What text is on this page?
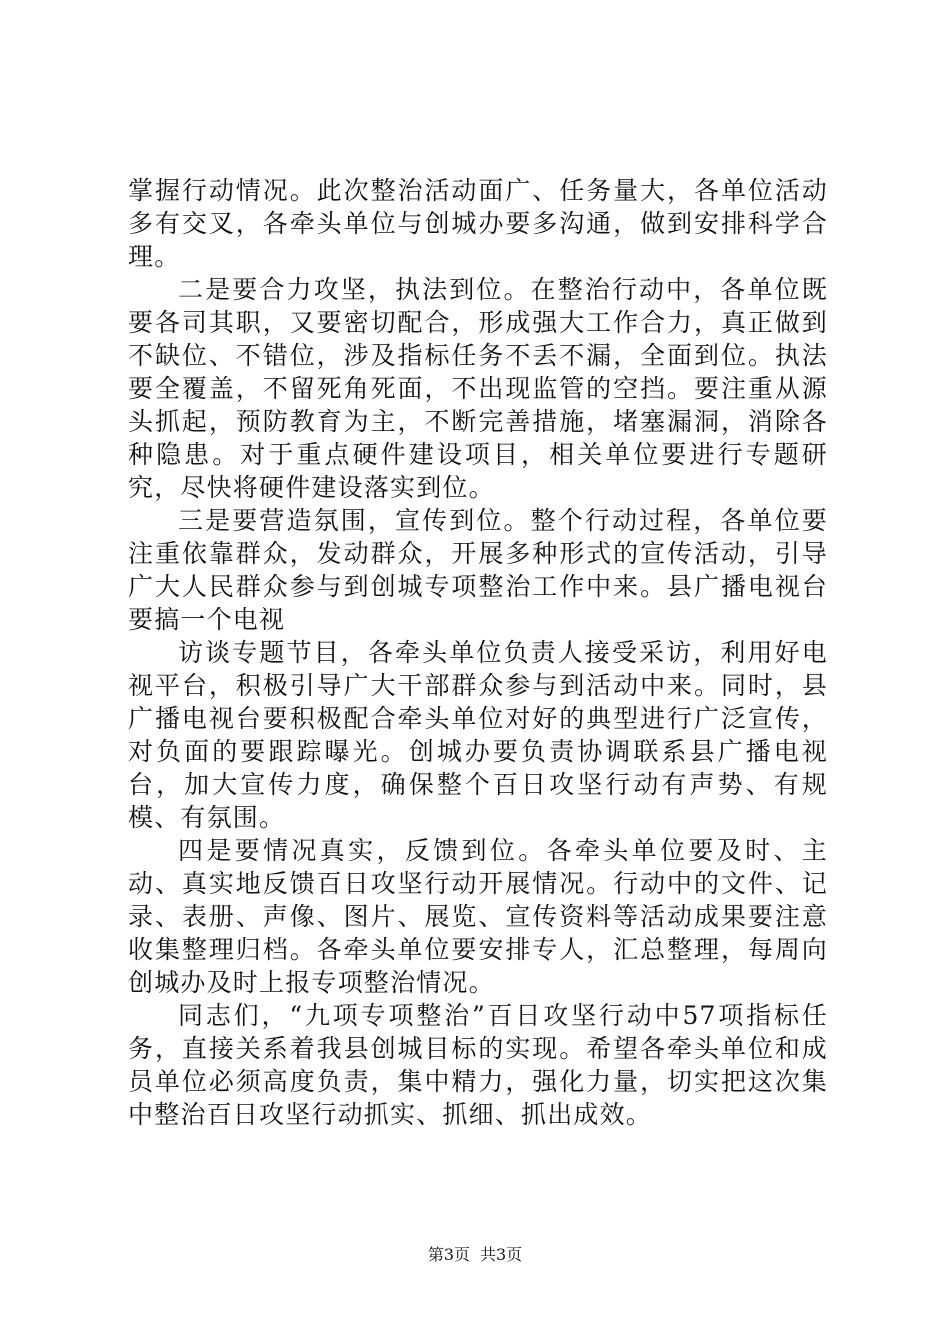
掌握行动情况。此次整治活动面广、任务量大，各单位活动多有交叉，各牵头单位与创城办要多沟通，做到安排科学合理。

二是要合力攻坚，执法到位。在整治行动中，各单位既要各司其职，又要密切配合，形成强大工作合力，真正做到不缺位、不错位，涉及指标任务不丢不漏，全面到位。执法要全覆盖，不留死角死面，不出现监管的空挡。要注重从源头抓起，预防教育为主，不断完善措施，堵塞漏洞，消除各种隐患。对于重点硬件建设项目，相关单位要进行专题研究，尽快将硬件建设落实到位。

三是要营造氛围，宣传到位。整个行动过程，各单位要注重依靠群众，发动群众，开展多种形式的宣传活动，引导广大人民群众参与到创城专项整治工作中来。县广播电视台要搞一个电视

访谈专题节目，各牵头单位负责人接受采访，利用好电视平台，积极引导广大干部群众参与到活动中来。同时，县广播电视台要积极配合牵头单位对好的典型进行广泛宣传，对负面的要跟踪曝光。创城办要负责协调联系县广播电视台，加大宣传力度，确保整个百日攻坚行动有声势、有规模、有氛围。

四是要情况真实，反馈到位。各牵头单位要及时、主动、真实地反馈百日攻坚行动开展情况。行动中的文件、记录、表册、声像、图片、展览、宣传资料等活动成果要注意收集整理归档。各牵头单位要安排专人，汇总整理，每周向创城办及时上报专项整治情况。

同志们，“九项专项整治”百日攻坚行动中57项指标任务，直接关系着我县创城目标的实现。希望各牵头单位和成员单位必须高度负责，集中精力，强化力量，切实把这次集中整治百日攻坚行动抓实、抓细、抓出成效。

第3页 共3页
